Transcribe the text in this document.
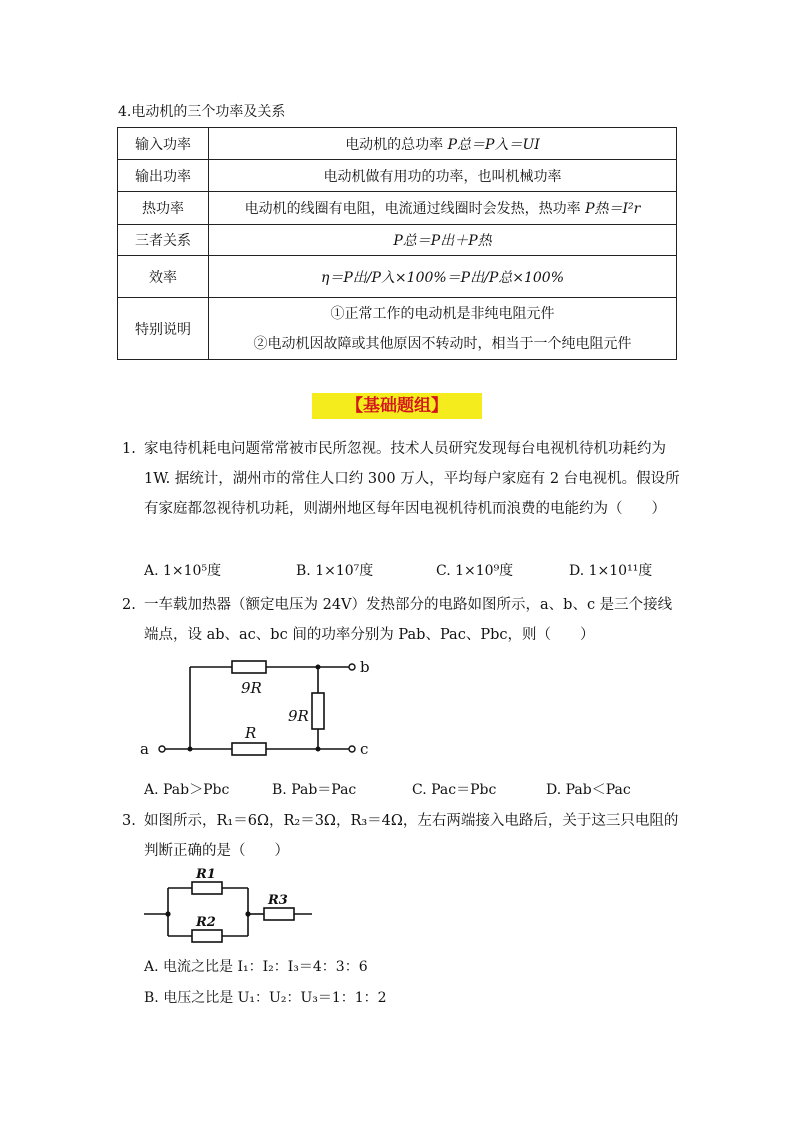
4.电动机的三个功率及关系
输入功率	电动机的总功率 P总＝P入＝UI
输出功率	电动机做有用功的功率，也叫机械功率
热功率	电动机的线圈有电阻，电流通过线圈时会发热，热功率 P热＝I²r
三者关系	P总＝P出＋P热
效率	η＝P出/P入×100%＝P出/P总×100%
特别说明	①正常工作的电动机是非纯电阻元件
②电动机因故障或其他原因不转动时，相当于一个纯电阻元件
【基础题组】
1. 家电待机耗电问题常常被市民所忽视。技术人员研究发现每台电视机待机功耗约为 1W. 据统计，湖州市的常住人口约 300 万人，平均每户家庭有 2 台电视机。假设所有家庭都忽视待机功耗，则湖州地区每年因电视机待机而浪费的电能约为（　　）
A. 1×10⁵度	B. 1×10⁷度	C. 1×10⁹度	D. 1×10¹¹度
2. 一车载加热器（额定电压为 24V）发热部分的电路如图所示，a、b、c 是三个接线端点，设 ab、ac、bc 间的功率分别为 Pab、Pac、Pbc，则（　　）
9R
9R
R
a
b
c
A. Pab＞Pbc	B. Pab＝Pac	C. Pac＝Pbc	D. Pab＜Pac
3. 如图所示，R₁＝6Ω，R₂＝3Ω，R₃＝4Ω，左右两端接入电路后，关于这三只电阻的判断正确的是（　　）
R1
R2
R3
A. 电流之比是 I₁：I₂：I₃＝4：3：6
B. 电压之比是 U₁：U₂：U₃＝1：1：2
